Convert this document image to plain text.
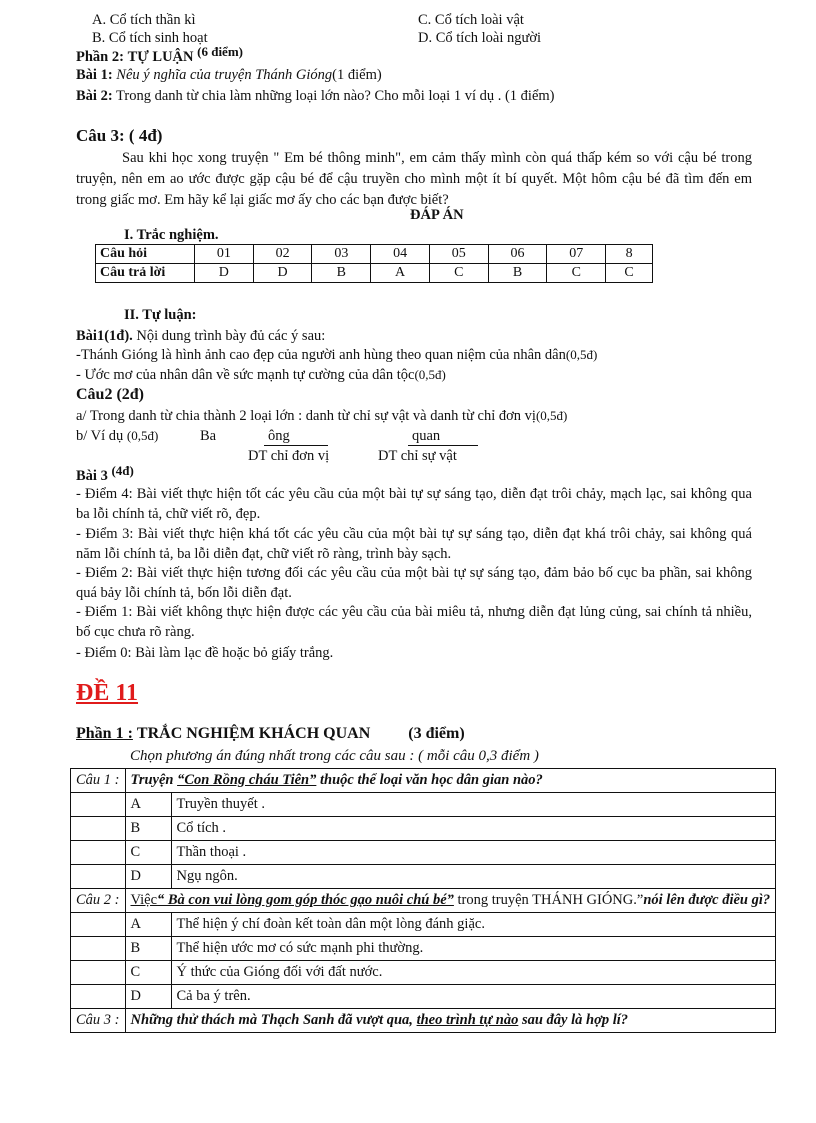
A. Cổ tích thần kì	C. Cổ tích loài vật
B. Cổ tích sinh hoạt	D. Cổ tích loài người
Phần 2: TỰ LUẬN (6 điểm)
Bài 1: Nêu ý nghĩa của truyện Thánh Gióng(1 điểm)
Bài 2: Trong danh từ chia làm những loại lớn nào? Cho mỗi loại 1 ví dụ . (1 điểm)
Câu 3: ( 4đ)
Sau khi học xong truyện " Em bé thông minh", em cảm thấy mình còn quá thấp kém so với cậu bé trong truyện, nên em ao ước được gặp cậu bé để cậu truyền cho mình một ít bí quyết. Một hôm cậu bé đã tìm đến em trong giấc mơ. Em hãy kể lại giấc mơ ấy cho các bạn được biết?
ĐÁP ÁN
I. Trắc nghiệm.
Câu hỏi	01	02	03	04	05	06	07	8
Câu trả lời	D	D	B	A	C	B	C	C
II. Tự luận:
Bài1(1đ). Nội dung trình bày đủ các ý sau:
-Thánh Gióng là hình ảnh cao đẹp của người anh hùng theo quan niệm của nhân dân(0,5đ)
- Ước mơ của nhân dân về sức mạnh tự cường của dân tộc(0,5đ)
Câu2 (2đ)
a/ Trong danh từ chia thành 2 loại lớn : danh từ chỉ sự vật và danh từ chỉ đơn vị(0,5đ)
b/ Ví dụ (0,5đ)	Ba	ông	quan
DT chỉ đơn vị	DT chỉ sự vật
Bài 3 (4đ)
- Điểm 4: Bài viết thực hiện tốt các yêu cầu của một bài tự sự sáng tạo, diễn đạt trôi chảy, mạch lạc, sai không qua ba lỗi chính tả, chữ viết rõ, đẹp.
- Điểm 3: Bài viết thực hiện khá tốt các yêu cầu của một bài tự sự sáng tạo, diễn đạt khá trôi chảy, sai không quá năm lỗi chính tả, ba lỗi diễn đạt, chữ viết rõ ràng, trình bày sạch.
- Điểm 2: Bài viết thực hiện tương đối các yêu cầu của một bài tự sự sáng tạo, đảm bảo bố cục ba phần, sai không quá bảy lỗi chính tả, bốn lỗi diễn đạt.
- Điểm 1: Bài viết không thực hiện được các yêu cầu của bài miêu tả, nhưng diễn đạt lủng củng, sai chính tả nhiều, bố cục chưa rõ ràng.
- Điểm 0: Bài làm lạc đề hoặc bỏ giấy trắng.
ĐỀ 11
Phần 1 : TRẮC NGHIỆM KHÁCH QUAN (3 điểm)
Chọn phương án đúng nhất trong các câu sau : ( mỗi câu 0,3 điểm )
Câu 1 :	Truyện “Con Rồng cháu Tiên” thuộc thể loại văn học dân gian nào?	
	A	Truyền thuyết .
	B	Cổ tích .
	C	Thần thoại .
	D	Ngụ ngôn.
Câu 2 :	Việc“ Bà con vui lòng gom góp thóc gạo nuôi chú bé” trong truyện THÁNH GIÓNG.”nói lên được điều gì?	
	A	Thể hiện ý chí đoàn kết toàn dân một lòng đánh giặc.
	B	Thể hiện ước mơ có sức mạnh phi thường.
	C	Ý thức của Gióng đối với đất nước.
	D	Cả ba ý trên.
Câu 3 :	Những thử thách mà Thạch Sanh đã vượt qua, theo trình tự nào sau đây là hợp lí?	
